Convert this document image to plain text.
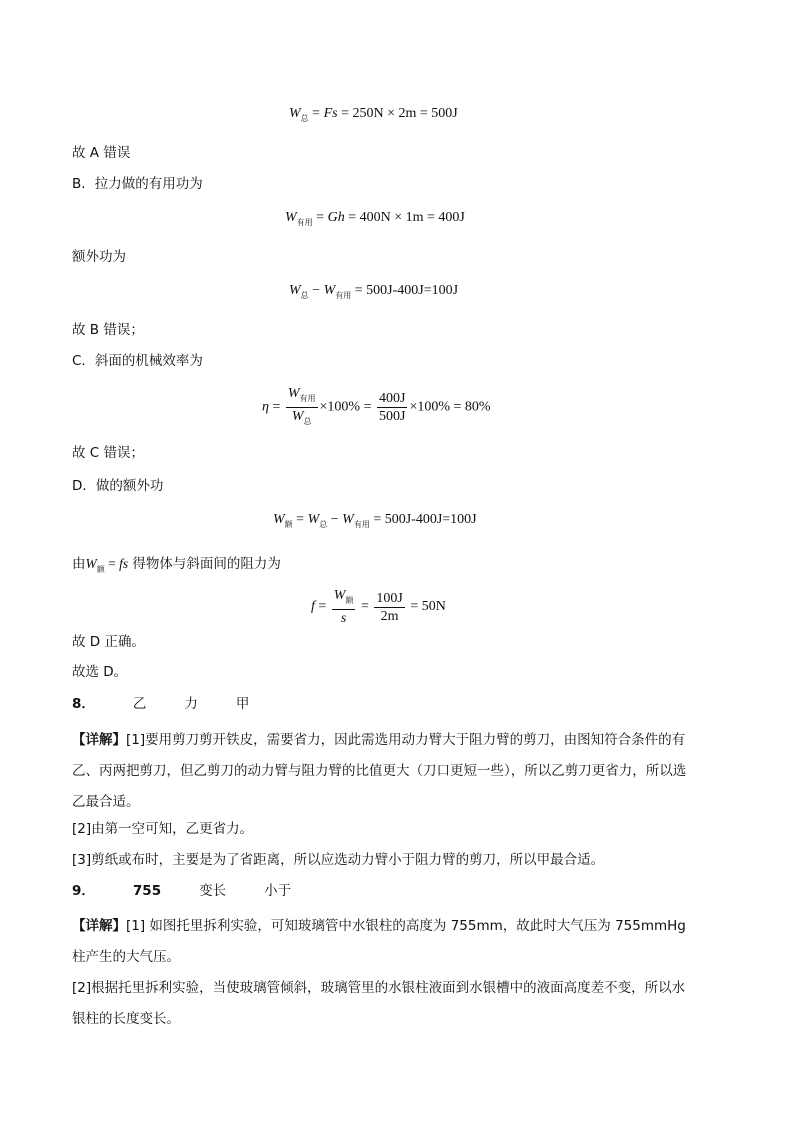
$W_总 = Fs = 250N \times 2m = 500J$
故 A 错误
B．拉力做的有用功为
$W_{有用} = Gh = 400N \times 1m = 400J$
额外功为
$W_总 - W_{有用} = 500J-400J=100J$
故 B 错误；
C．斜面的机械效率为
$\eta = \frac{W_{有用}}{W_总} \times 100\% = \frac{400J}{500J} \times 100\% = 80\%$
故 C 错误；
D．做的额外功
$W_额 = W_总 - W_{有用} = 500J-400J=100J$
由$W_额$ = fs 得物体与斜面间的阻力为
$f = \frac{W_额}{s} = \frac{100J}{2m} = 50N$
故 D 正确。
故选 D。
8．	乙	力	甲
【详解】[1]要用剪刀剪开铁皮，需要省力，因此需选用动力臂大于阻力臂的剪刀，由图知符合条件的有乙、丙两把剪刀，但乙剪刀的动力臂与阻力臂的比值更大（刀口更短一些），所以乙剪刀更省力，所以选乙最合适。
[2]由第一空可知，乙更省力。
[3]剪纸或布时，主要是为了省距离，所以应选动力臂小于阻力臂的剪刀，所以甲最合适。
9．	755	变长	小于
【详解】[1] 如图托里拆利实验，可知玻璃管中水银柱的高度为 755mm，故此时大气压为 755mmHg 柱产生的大气压。
[2]根据托里拆利实验，当使玻璃管倾斜，玻璃管里的水银柱液面到水银槽中的液面高度差不变，所以水银柱的长度变长。
